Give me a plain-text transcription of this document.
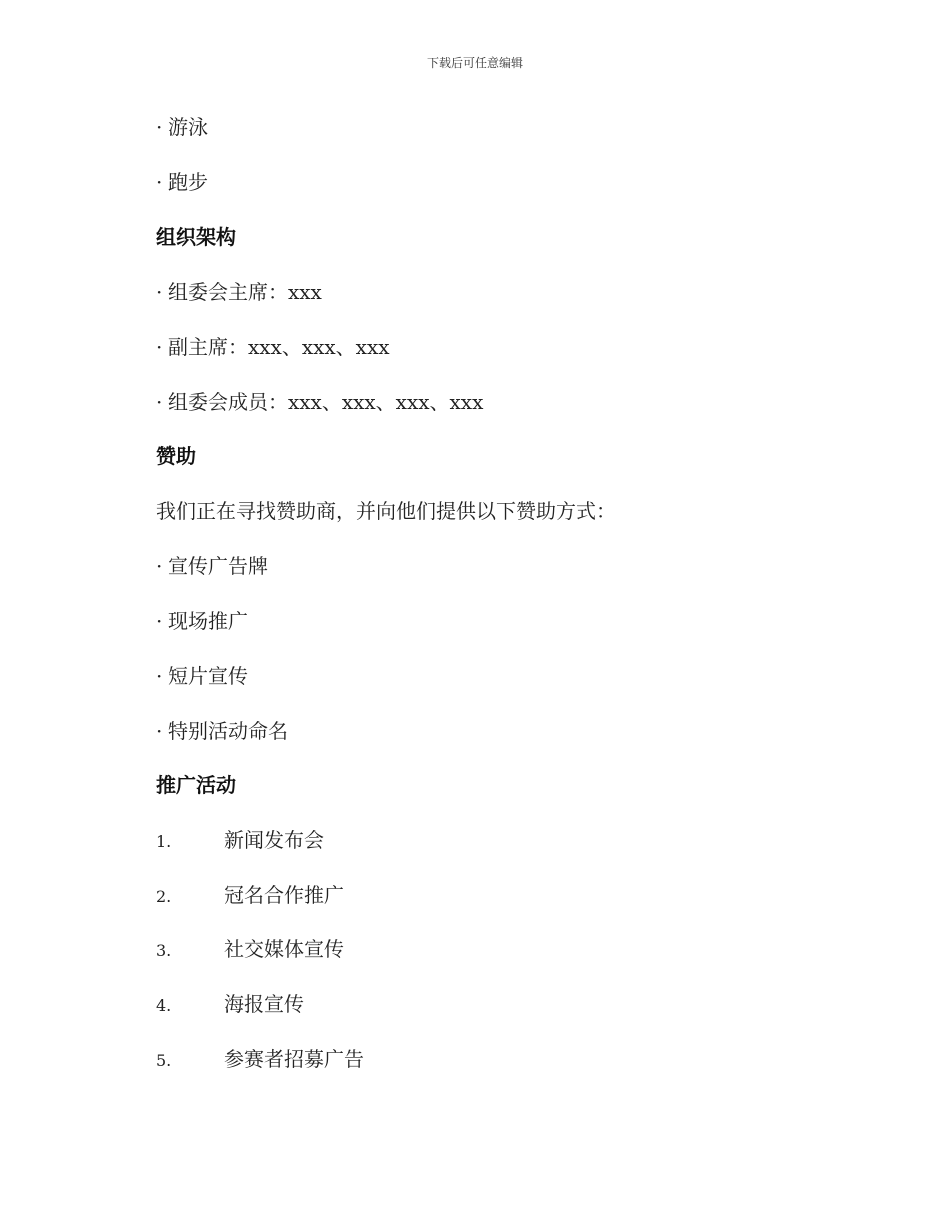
下载后可任意编辑
· 游泳
· 跑步
组织架构
· 组委会主席：xxx
· 副主席：xxx、xxx、xxx
· 组委会成员：xxx、xxx、xxx、xxx
赞助
我们正在寻找赞助商，并向他们提供以下赞助方式：
· 宣传广告牌
· 现场推广
· 短片宣传
· 特别活动命名
推广活动
1.	新闻发布会
2.	冠名合作推广
3.	社交媒体宣传
4.	海报宣传
5.	参赛者招募广告
